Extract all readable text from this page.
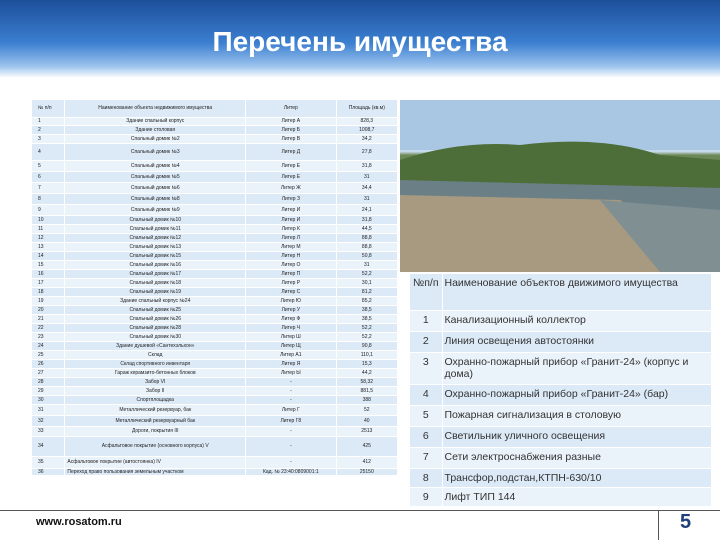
Перечень имущества
№ п/п	Наименование объекта недвижимого имущества	Литер	Площадь (кв.м)
1	Здание спальный корпус	Литер А	828,3
2	Здание столовая	Литер Б	1008,7
3	Спальный домик №2	Литер В	34,2
4	Спальный домик №3	Литер Д	27,8
5	Спальный домик №4	Литер Е	31,8
6	Спальный домик №5	Литер Е	31
7	Спальный домик №6	Литер Ж	34,4
8	Спальный домик №8	Литер З	31
9	Спальный домик №9	Литер И	24,1
10	Спальный домик №10	Литер И	31,8
11	Спальный домик №11	Литер К	44,5
12	Спальный домик №12	Литер Л	88,8
13	Спальный домик №13	Литер М	88,8
14	Спальный домик №15	Литер Н	50,8
15	Спальный домик №16	Литер О	31
16	Спальный домик №17	Литер П	52,2
17	Спальный домик №18	Литер Р	30,1
18	Спальный домик №19	Литер С	81,2
19	Здание спальный корпус №24	Литер Ю	85,2
20	Спальный домик №25	Литер У	38,5
21	Спальный домик №26	Литер Ф	38,5
22	Спальный домик №28	Литер Ч	52,2
23	Спальный домик №30	Литер Ш	52,2
24	Здание душевой «Сантехэльхон»	Литер Щ	90,8
25	Склад	Литер А1	110,1
26	Склад спортивного инвентаря	Литер Я	15,3
27	Гараж керамзито-бетонных блоков	Литер Ы	44,2
28	Забор VI	-	58,32
29	Забор II	-	881,5
30	Спортплощадка	-	388
31	Металлический резервуар, бак	Литер Г	52
32	Металлический резервуарный бак	Литер Г8	40
33	Дороги, покрытия III	-	2513
34	Асфальтовое покрытие (основного корпуса) V	-	425
35	Асфальтовое покрытие (автостоянка) IV	-	412
36	Переход право пользования земельным участком	Кад. № 23:40:0809001:1	25150
№п/п	Наименование объектов движимого имущества
1	Канализационный коллектор
2	Линия освещения автостоянки
3	Охранно-пожарный прибор «Гранит-24» (корпус и дома)
4	Охранно-пожарный прибор «Гранит-24» (бар)
5	Пожарная сигнализация в столовую
6	Светильник уличного освещения
7	Сети электроснабжения разные
8	Трансфор,подстан,КТПН-630/10
9	Лифт ТИП 144
www.rosatom.ru	5
